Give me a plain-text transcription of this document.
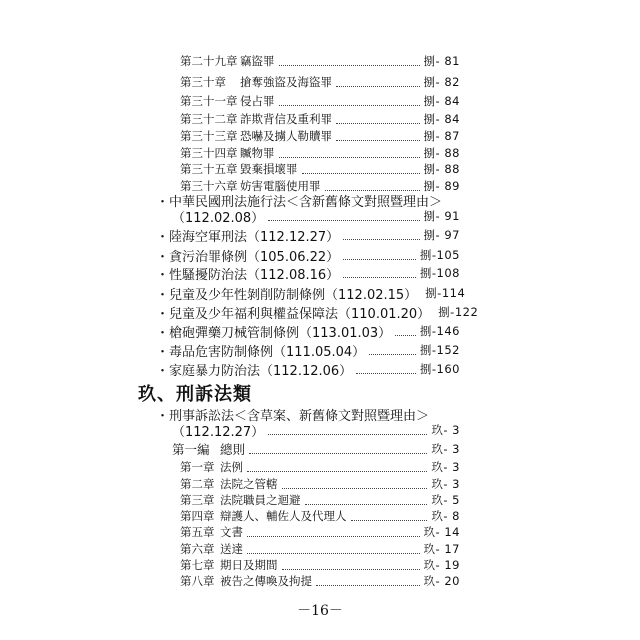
第二十九章 竊盜罪	捌- 81
第三十章	搶奪強盜及海盜罪	捌- 82
第三十一章 侵占罪	捌- 84
第三十二章 詐欺背信及重利罪	捌- 84
第三十三章 恐嚇及擄人勒贖罪	捌- 87
第三十四章 贓物罪	捌- 88
第三十五章 毀棄損壞罪	捌- 88
第三十六章 妨害電腦使用罪	捌- 89
・中華民國刑法施行法＜含新舊條文對照暨理由＞
（112.02.08）	捌- 91
・陸海空軍刑法（112.12.27）	捌- 97
・貪污治罪條例（105.06.22）	捌-105
・性騷擾防治法（112.08.16）	捌-108
・兒童及少年性剝削防制條例（112.02.15） 捌-114
・兒童及少年福利與權益保障法（110.01.20） 捌-122
・槍砲彈藥刀械管制條例（113.01.03） 捌-146
・毒品危害防制條例（111.05.04）	捌-152
・家庭暴力防治法（112.12.06）	捌-160
玖、刑訴法類
・刑事訴訟法＜含草案、新舊條文對照暨理由＞
（112.12.27）	玖- 3
第一編 總則	玖- 3
第一章 法例	玖- 3
第二章 法院之管轄	玖- 3
第三章 法院職員之迴避	玖- 5
第四章 辯護人、輔佐人及代理人	玖- 8
第五章 文書	玖- 14
第六章 送達	玖- 17
第七章 期日及期間	玖- 19
第八章 被告之傳喚及拘提	玖- 20
－16－
